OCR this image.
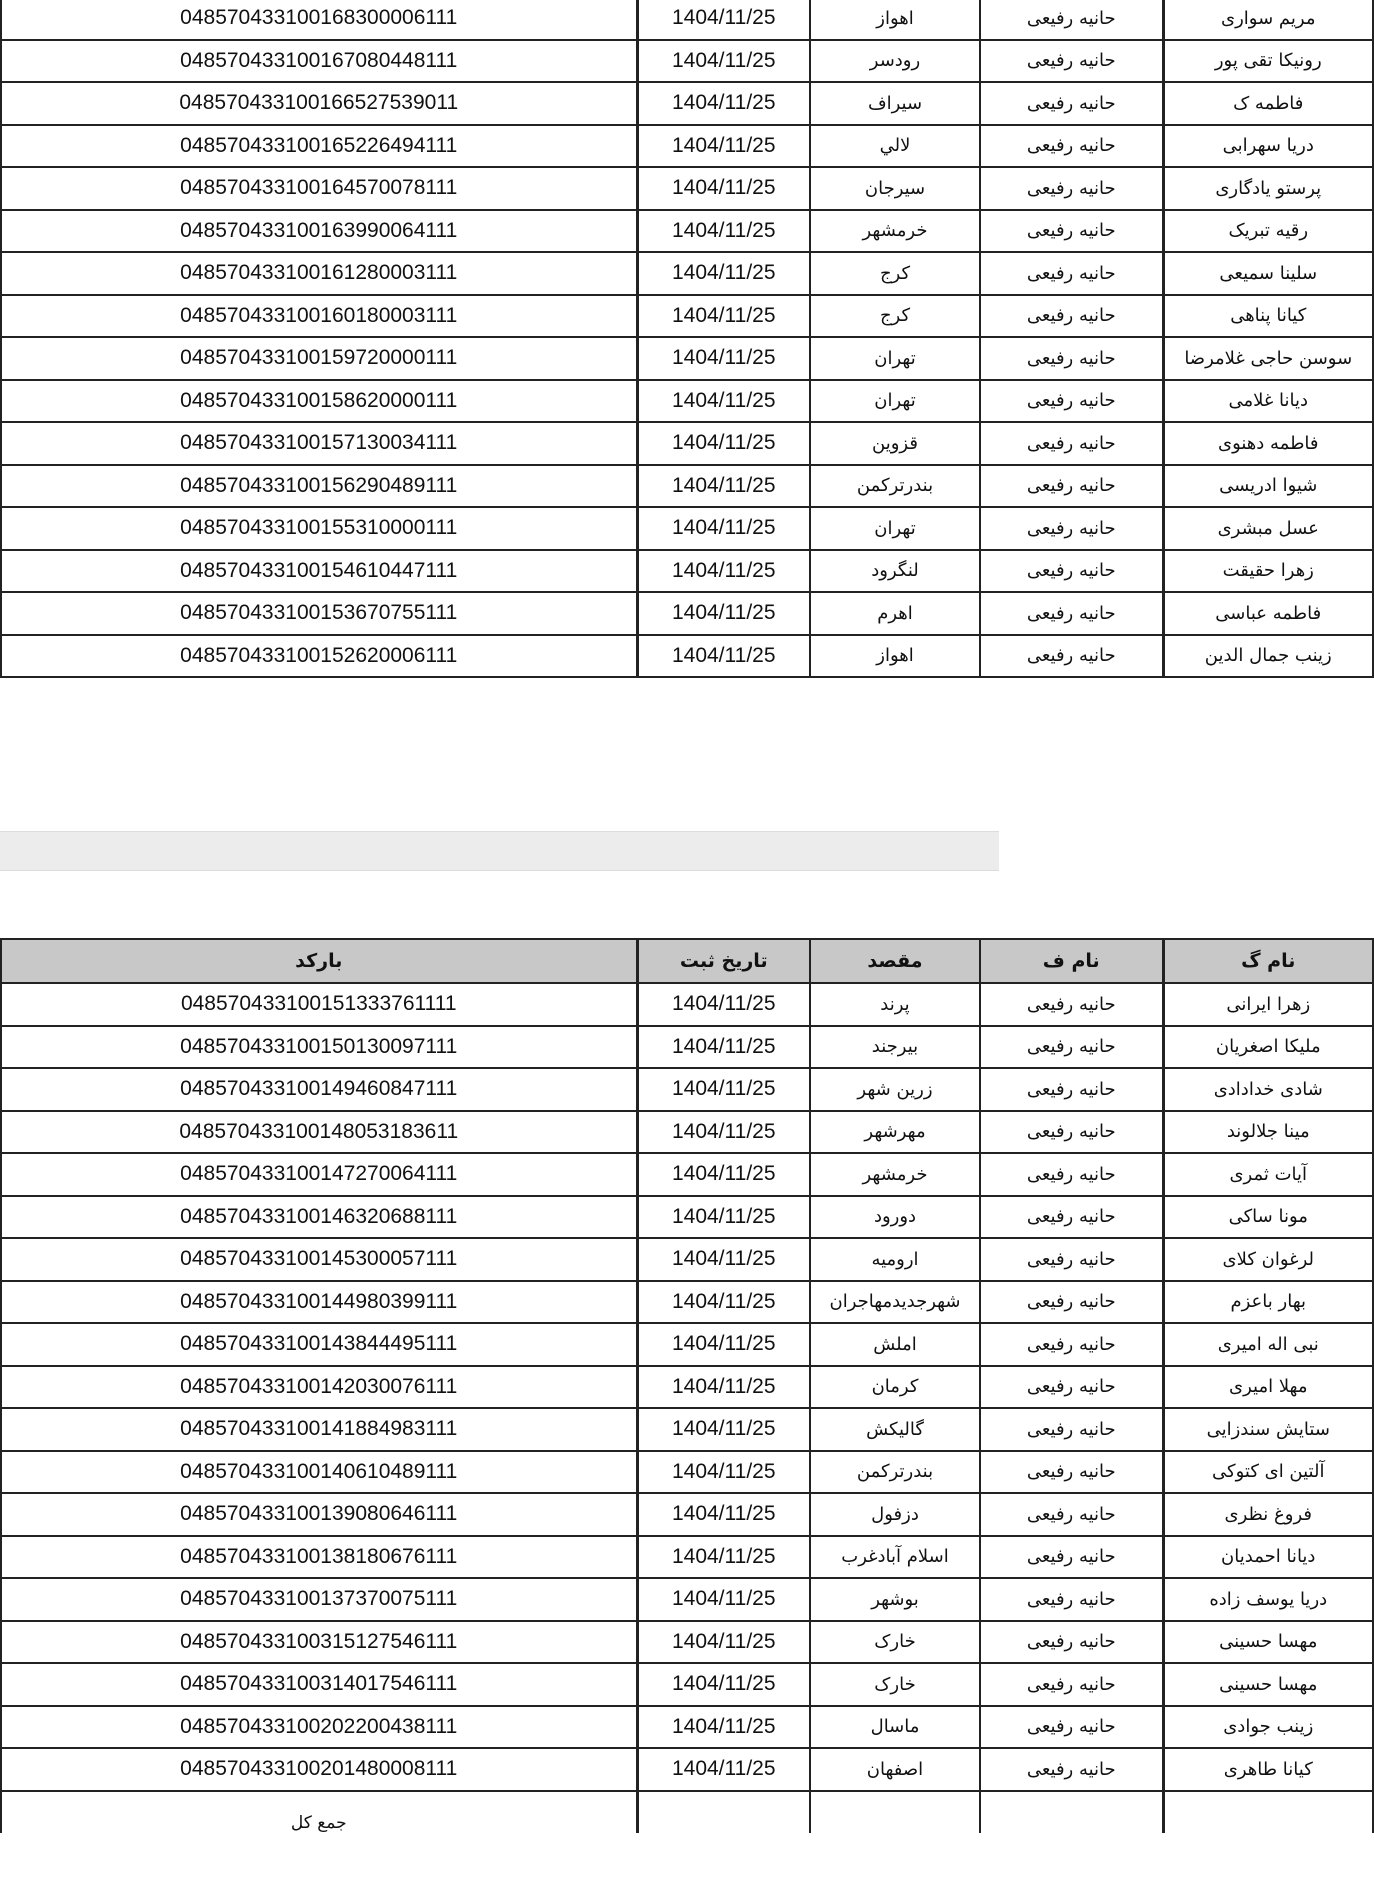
048570433100168300006111	1404/11/25	اهواز	حانیه رفیعی	مریم سواری
048570433100167080448111	1404/11/25	رودسر	حانیه رفیعی	رونیکا تقی پور
048570433100166527539011	1404/11/25	سیراف	حانیه رفیعی	فاطمه ک
048570433100165226494111	1404/11/25	لالي	حانیه رفیعی	دریا سهرابی
048570433100164570078111	1404/11/25	سیرجان	حانیه رفیعی	پرستو یادگاری
048570433100163990064111	1404/11/25	خرمشهر	حانیه رفیعی	رقیه تبریک
048570433100161280003111	1404/11/25	کرج	حانیه رفیعی	سلینا سمیعی
048570433100160180003111	1404/11/25	کرج	حانیه رفیعی	کیانا پناهی
048570433100159720000111	1404/11/25	تهران	حانیه رفیعی	سوسن حاجی غلامرضا
048570433100158620000111	1404/11/25	تهران	حانیه رفیعی	دیانا غلامی
048570433100157130034111	1404/11/25	قزوین	حانیه رفیعی	فاطمه دهنوی
048570433100156290489111	1404/11/25	بندرترکمن	حانیه رفیعی	شیوا ادریسی
048570433100155310000111	1404/11/25	تهران	حانیه رفیعی	عسل مبشری
048570433100154610447111	1404/11/25	لنگرود	حانیه رفیعی	زهرا حقیقت
048570433100153670755111	1404/11/25	اهرم	حانیه رفیعی	فاطمه عباسی
048570433100152620006111	1404/11/25	اهواز	حانیه رفیعی	زینب جمال الدین
بارکد	تاریخ ثبت	مقصد	نام ف	نام گ
048570433100151333761111	1404/11/25	پرند	حانیه رفیعی	زهرا ایرانی
048570433100150130097111	1404/11/25	بیرجند	حانیه رفیعی	ملیکا اصغریان
048570433100149460847111	1404/11/25	زرین شهر	حانیه رفیعی	شادی خدادادی
048570433100148053183611	1404/11/25	مهرشهر	حانیه رفیعی	مینا جلالوند
048570433100147270064111	1404/11/25	خرمشهر	حانیه رفیعی	آیات ثمری
048570433100146320688111	1404/11/25	دورود	حانیه رفیعی	مونا ساکی
048570433100145300057111	1404/11/25	ارومیه	حانیه رفیعی	لرغوان کلای
048570433100144980399111	1404/11/25	شهرجدیدمهاجران	حانیه رفیعی	بهار باعزم
048570433100143844495111	1404/11/25	املش	حانیه رفیعی	نبی اله امیری
048570433100142030076111	1404/11/25	کرمان	حانیه رفیعی	مهلا امیری
048570433100141884983111	1404/11/25	گالیکش	حانیه رفیعی	ستایش سندزایی
048570433100140610489111	1404/11/25	بندرترکمن	حانیه رفیعی	آلتین ای کتوکی
048570433100139080646111	1404/11/25	دزفول	حانیه رفیعی	فروغ نظری
048570433100138180676111	1404/11/25	اسلام آبادغرب	حانیه رفیعی	دیانا احمدیان
048570433100137370075111	1404/11/25	بوشهر	حانیه رفیعی	دریا یوسف زاده
048570433100315127546111	1404/11/25	خارک	حانیه رفیعی	مهسا حسینی
048570433100314017546111	1404/11/25	خارک	حانیه رفیعی	مهسا حسینی
048570433100202200438111	1404/11/25	ماسال	حانیه رفیعی	زینب جوادی
048570433100201480008111	1404/11/25	اصفهان	حانیه رفیعی	کیانا طاهری
جمع کل				
